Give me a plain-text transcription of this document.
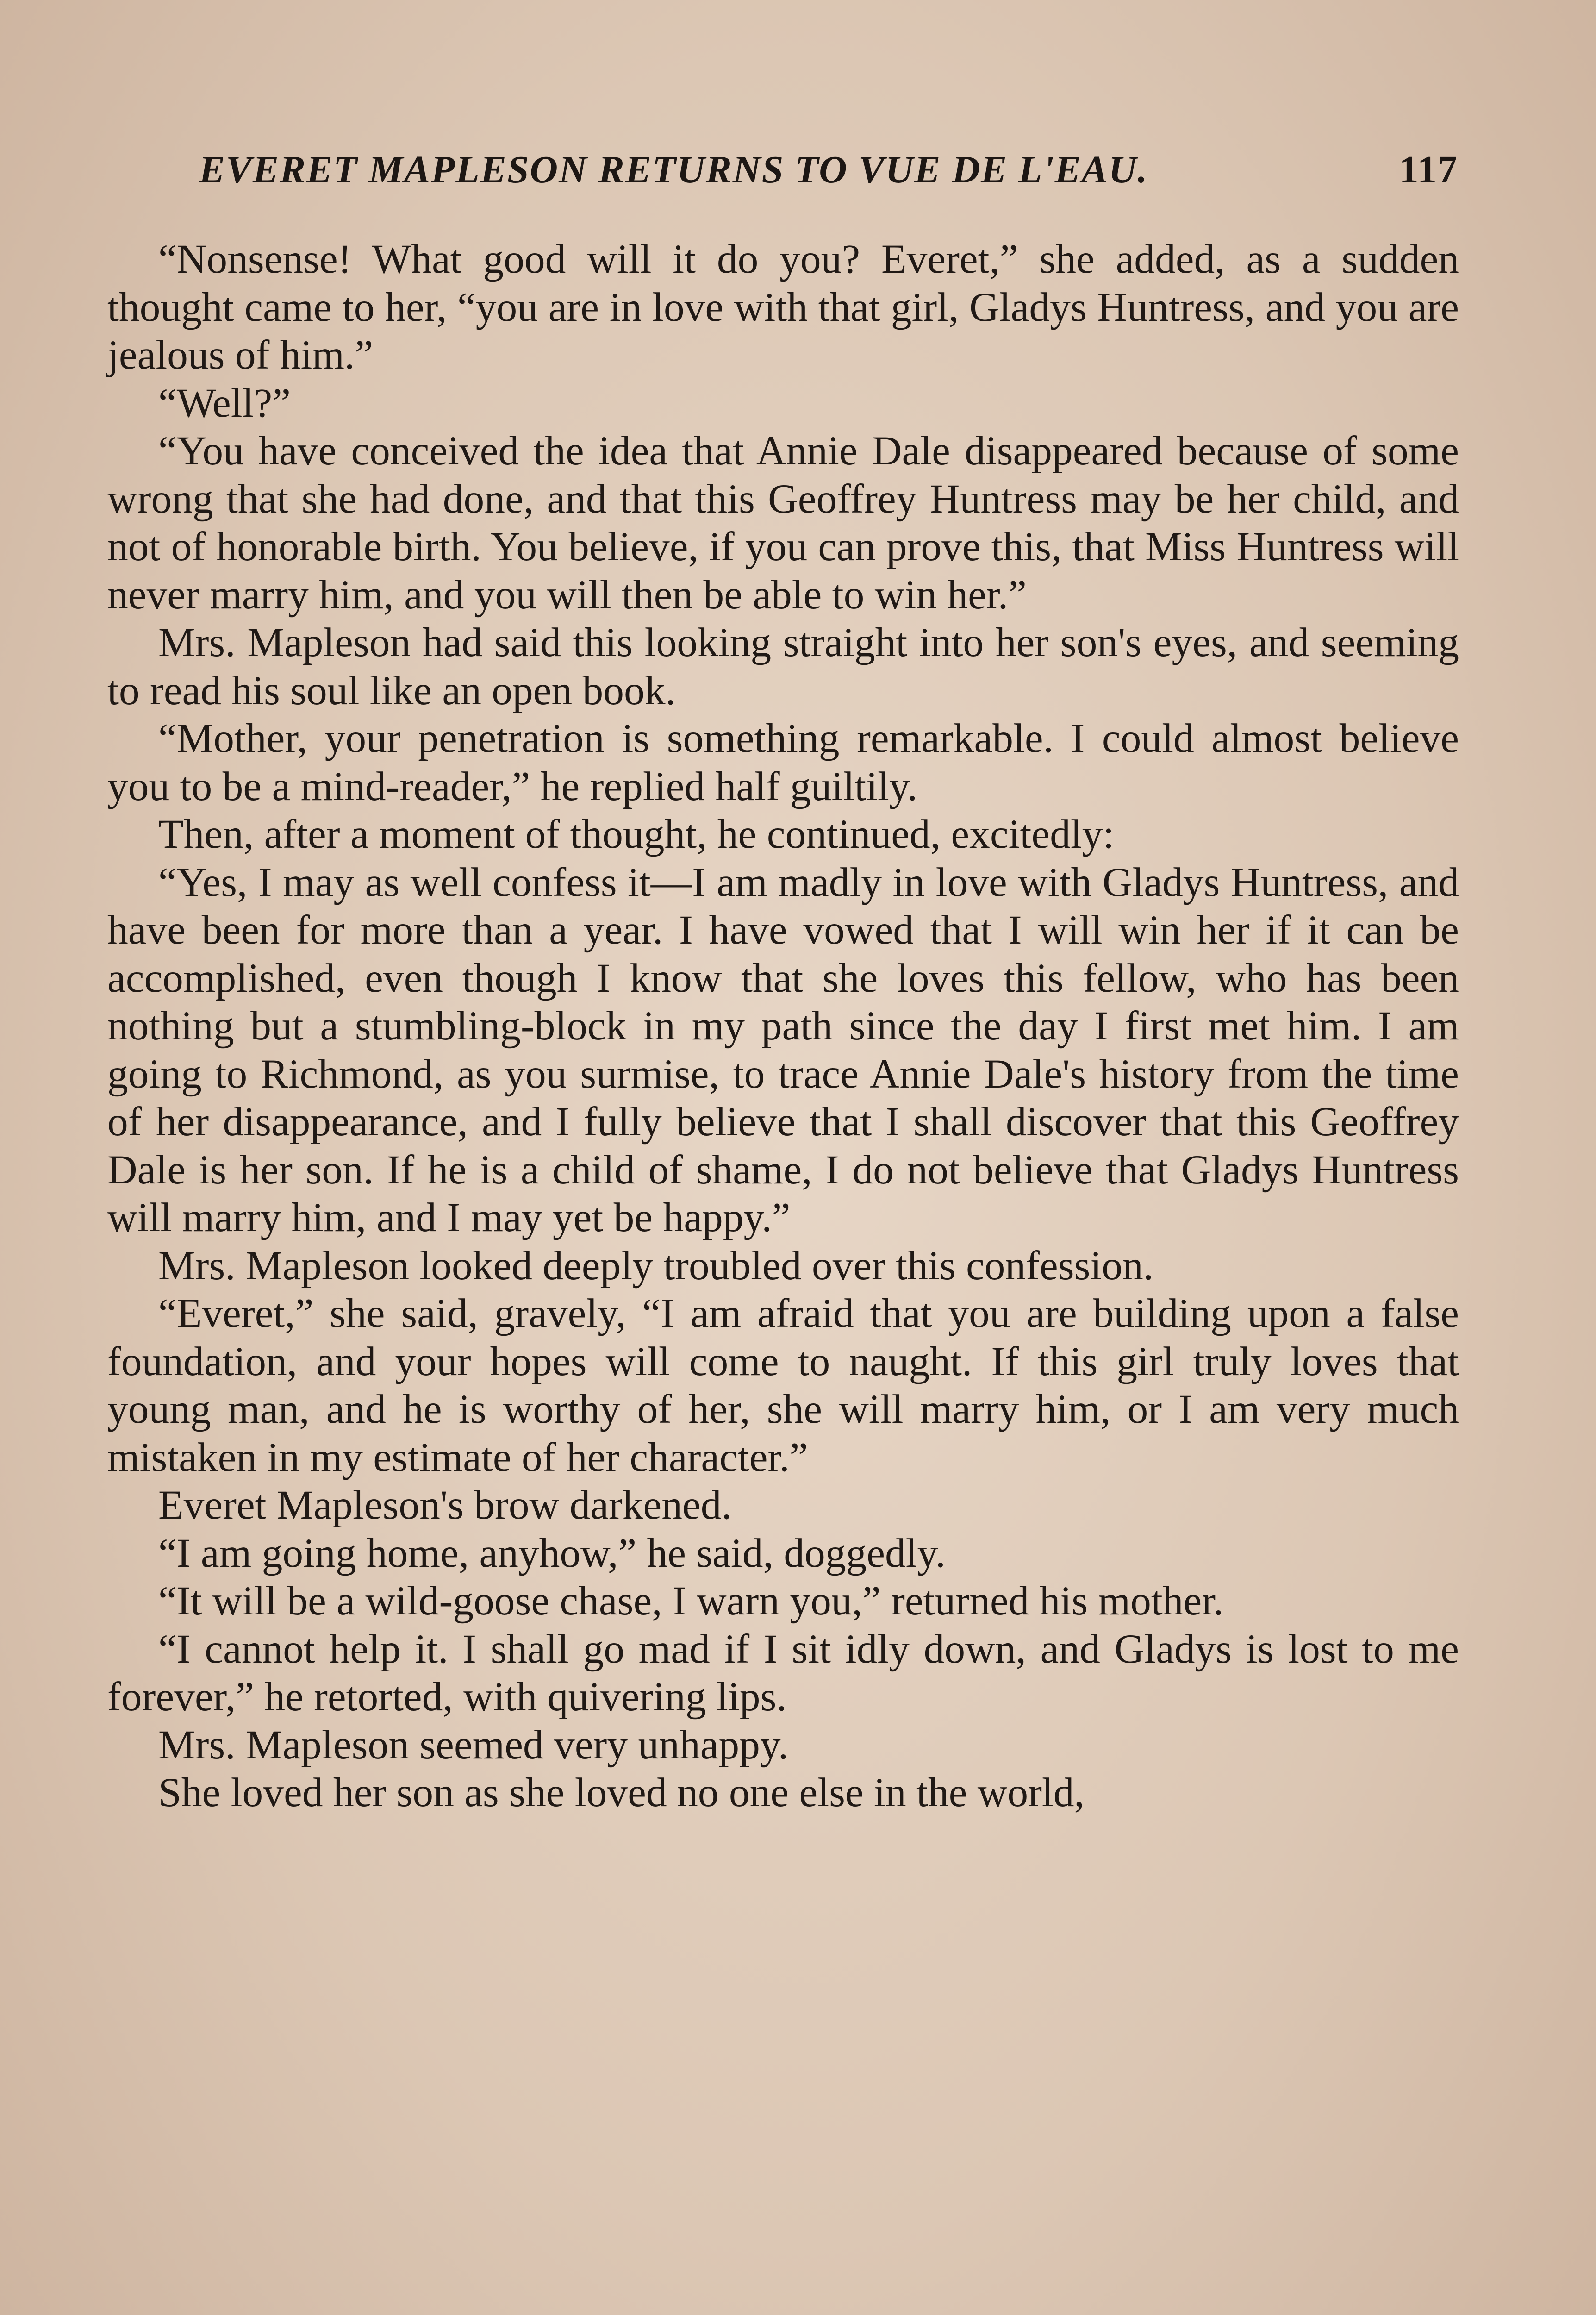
EVERET MAPLESON RETURNS TO VUE DE L'EAU.	117

“Nonsense! What good will it do you? Everet,” she added, as a sudden thought came to her, “you are in love with that girl, Gladys Huntress, and you are jealous of him.”

“Well?”

“You have conceived the idea that Annie Dale disappeared because of some wrong that she had done, and that this Geoffrey Huntress may be her child, and not of honorable birth. You believe, if you can prove this, that Miss Huntress will never marry him, and you will then be able to win her.”

Mrs. Mapleson had said this looking straight into her son's eyes, and seeming to read his soul like an open book.

“Mother, your penetration is something remarkable. I could almost believe you to be a mind-reader,” he replied half guiltily.

Then, after a moment of thought, he continued, excitedly:

“Yes, I may as well confess it—I am madly in love with Gladys Huntress, and have been for more than a year. I have vowed that I will win her if it can be accomplished, even though I know that she loves this fellow, who has been nothing but a stumbling-block in my path since the day I first met him. I am going to Richmond, as you surmise, to trace Annie Dale's history from the time of her disappearance, and I fully believe that I shall discover that this Geoffrey Dale is her son. If he is a child of shame, I do not believe that Gladys Huntress will marry him, and I may yet be happy.”

Mrs. Mapleson looked deeply troubled over this confession.

“Everet,” she said, gravely, “I am afraid that you are building upon a false foundation, and your hopes will come to naught. If this girl truly loves that young man, and he is worthy of her, she will marry him, or I am very much mistaken in my estimate of her character.”

Everet Mapleson's brow darkened.

“I am going home, anyhow,” he said, doggedly.

“It will be a wild-goose chase, I warn you,” returned his mother.

“I cannot help it. I shall go mad if I sit idly down, and Gladys is lost to me forever,” he retorted, with quivering lips.

Mrs. Mapleson seemed very unhappy.

She loved her son as she loved no one else in the world,
